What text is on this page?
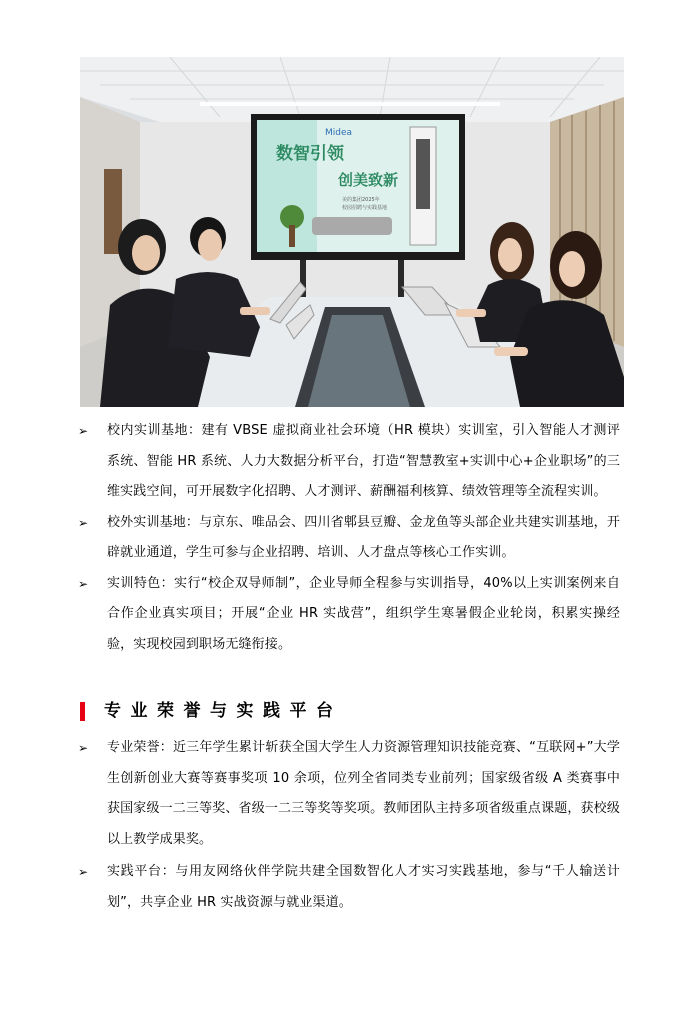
Midea
数智引领
创美致新
美的集团2025年
校园招聘与实践基地
➢ 校内实训基地：建有 VBSE 虚拟商业社会环境（HR 模块）实训室，引入智能人才测评系统、智能 HR 系统、人力大数据分析平台，打造“智慧教室+实训中心+企业职场”的三维实践空间，可开展数字化招聘、人才测评、薪酬福利核算、绩效管理等全流程实训。
➢ 校外实训基地：与京东、唯品会、四川省郫县豆瓣、金龙鱼等头部企业共建实训基地，开辟就业通道，学生可参与企业招聘、培训、人才盘点等核心工作实训。
➢ 实训特色：实行“校企双导师制”，企业导师全程参与实训指导，40%以上实训案例来自合作企业真实项目；开展“企业 HR 实战营”，组织学生寒暑假企业轮岗，积累实操经验，实现校园到职场无缝衔接。
专业荣誉与实践平台
➢ 专业荣誉：近三年学生累计斩获全国大学生人力资源管理知识技能竞赛、“互联网+”大学生创新创业大赛等赛事奖项 10 余项，位列全省同类专业前列；国家级省级 A 类赛事中获国家级一二三等奖、省级一二三等奖等奖项。教师团队主持多项省级重点课题，获校级以上教学成果奖。
➢ 实践平台：与用友网络伙伴学院共建全国数智化人才实习实践基地，参与“千人输送计划”，共享企业 HR 实战资源与就业渠道。
